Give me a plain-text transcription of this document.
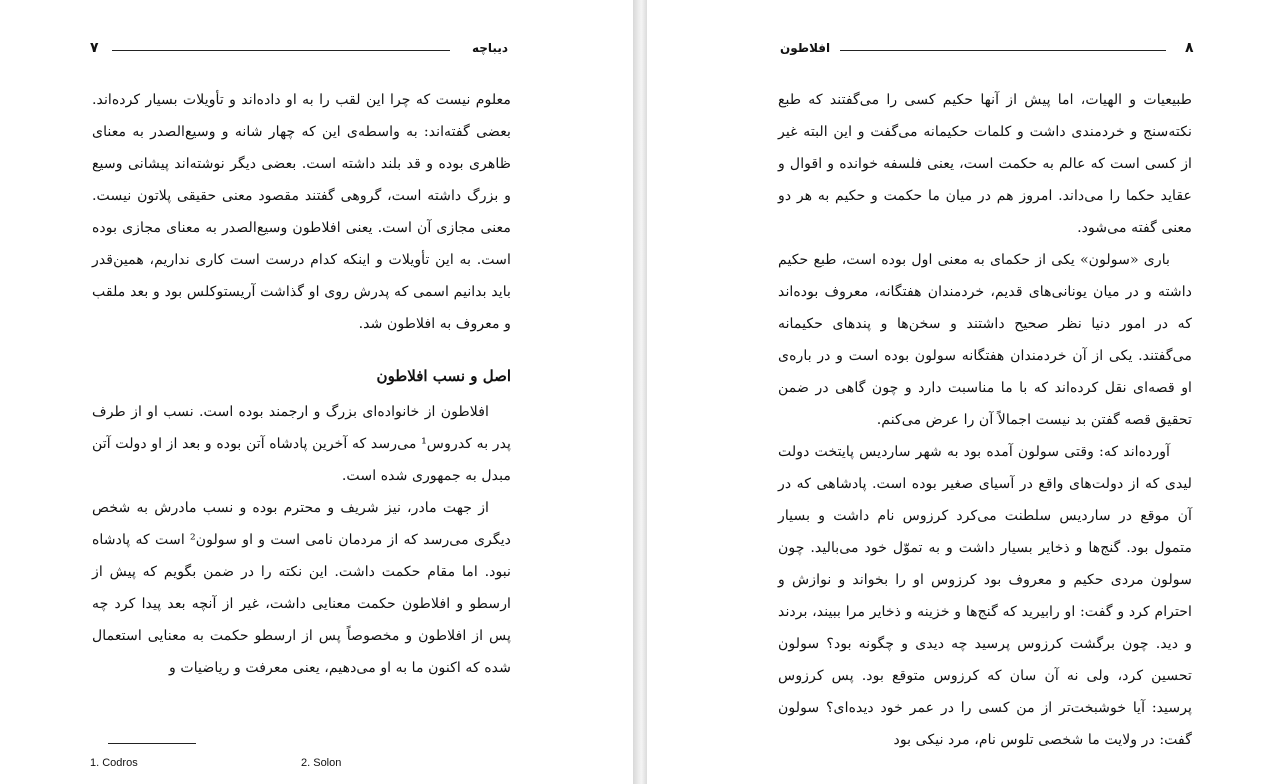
۷	دیباچه

معلوم نیست که چرا این لقب را به او داده‌اند و تأویلات بسیار کرده‌اند. بعضی گفته‌اند: به واسطه‌ی این که چهار شانه و وسیع‌الصدر به معنای ظاهری بوده و قد بلند داشته است. بعضی دیگر نوشته‌اند پیشانی وسیع و بزرگ داشته است، گروهی گفتند مقصود معنی حقیقی پلاتون نیست. معنی مجازی آن است. یعنی افلاطون وسیع‌الصدر به معنای مجازی بوده است. به این تأویلات و اینکه کدام درست است کاری نداریم، همین‌قدر باید بدانیم اسمی که پدرش روی او گذاشت آریستوکلس بود و بعد ملقب و معروف به افلاطون شد.

اصل و نسب افلاطون

افلاطون از خانواده‌ای بزرگ و ارجمند بوده است. نسب او از طرف پدر به کدروس¹ می‌رسد که آخرین پادشاه آتن بوده و بعد از او دولت آتن مبدل به جمهوری شده است.

از جهت مادر، نیز شریف و محترم بوده و نسب مادرش به شخص دیگری می‌رسد که از مردمان نامی است و او سولون² است که پادشاه نبود. اما مقام حکمت داشت. این نکته را در ضمن بگویم که پیش از ارسطو و افلاطون حکمت معنایی داشت، غیر از آنچه بعد پیدا کرد چه پس از افلاطون و مخصوصاً پس از ارسطو حکمت به معنایی استعمال شده که اکنون ما به او می‌دهیم، یعنی معرفت و ریاضیات و

1. Codros	2. Solon
افلاطون	۸

طبیعیات و الهیات، اما پیش از آنها حکیم کسی را می‌گفتند که طبع نکته‌سنج و خردمندی داشت و کلمات حکیمانه می‌گفت و این البته غیر از کسی است که عالم به حکمت است، یعنی فلسفه خوانده و اقوال و عقاید حکما را می‌داند. امروز هم در میان ما حکمت و حکیم به هر دو معنی گفته می‌شود.

باری «سولون» یکی از حکمای به معنی اول بوده است، طبع حکیم داشته و در میان یونانی‌های قدیم، خردمندان هفتگانه، معروف بوده‌اند که در امور دنیا نظر صحیح داشتند و سخن‌ها و پندهای حکیمانه می‌گفتند. یکی از آن خردمندان هفتگانه سولون بوده است و در باره‌ی او قصه‌ای نقل کرده‌اند که با ما مناسبت دارد و چون گاهی در ضمن تحقیق قصه گفتن بد نیست اجمالاً آن را عرض می‌کنم.

آورده‌اند که: وقتی سولون آمده بود به شهر ساردیس پایتخت دولت لیدی که از دولت‌های واقع در آسیای صغیر بوده است. پادشاهی که در آن موقع در ساردیس سلطنت می‌کرد کرزوس نام داشت و بسیار متمول بود. گنج‌ها و ذخایر بسیار داشت و به تموّل خود می‌بالید. چون سولون مردی حکیم و معروف بود کرزوس او را بخواند و نوازش و احترام کرد و گفت: او رابیرید که گنج‌ها و خزینه و ذخایر مرا ببیند، بردند و دید. چون برگشت کرزوس پرسید چه دیدی و چگونه بود؟ سولون تحسین کرد، ولی نه آن سان که کرزوس متوقع بود. پس کرزوس پرسید: آیا خوشبخت‌تر از من کسی را در عمر خود دیده‌ای؟ سولون گفت: در ولایت ما شخصی تلوس نام، مرد نیکی بود
